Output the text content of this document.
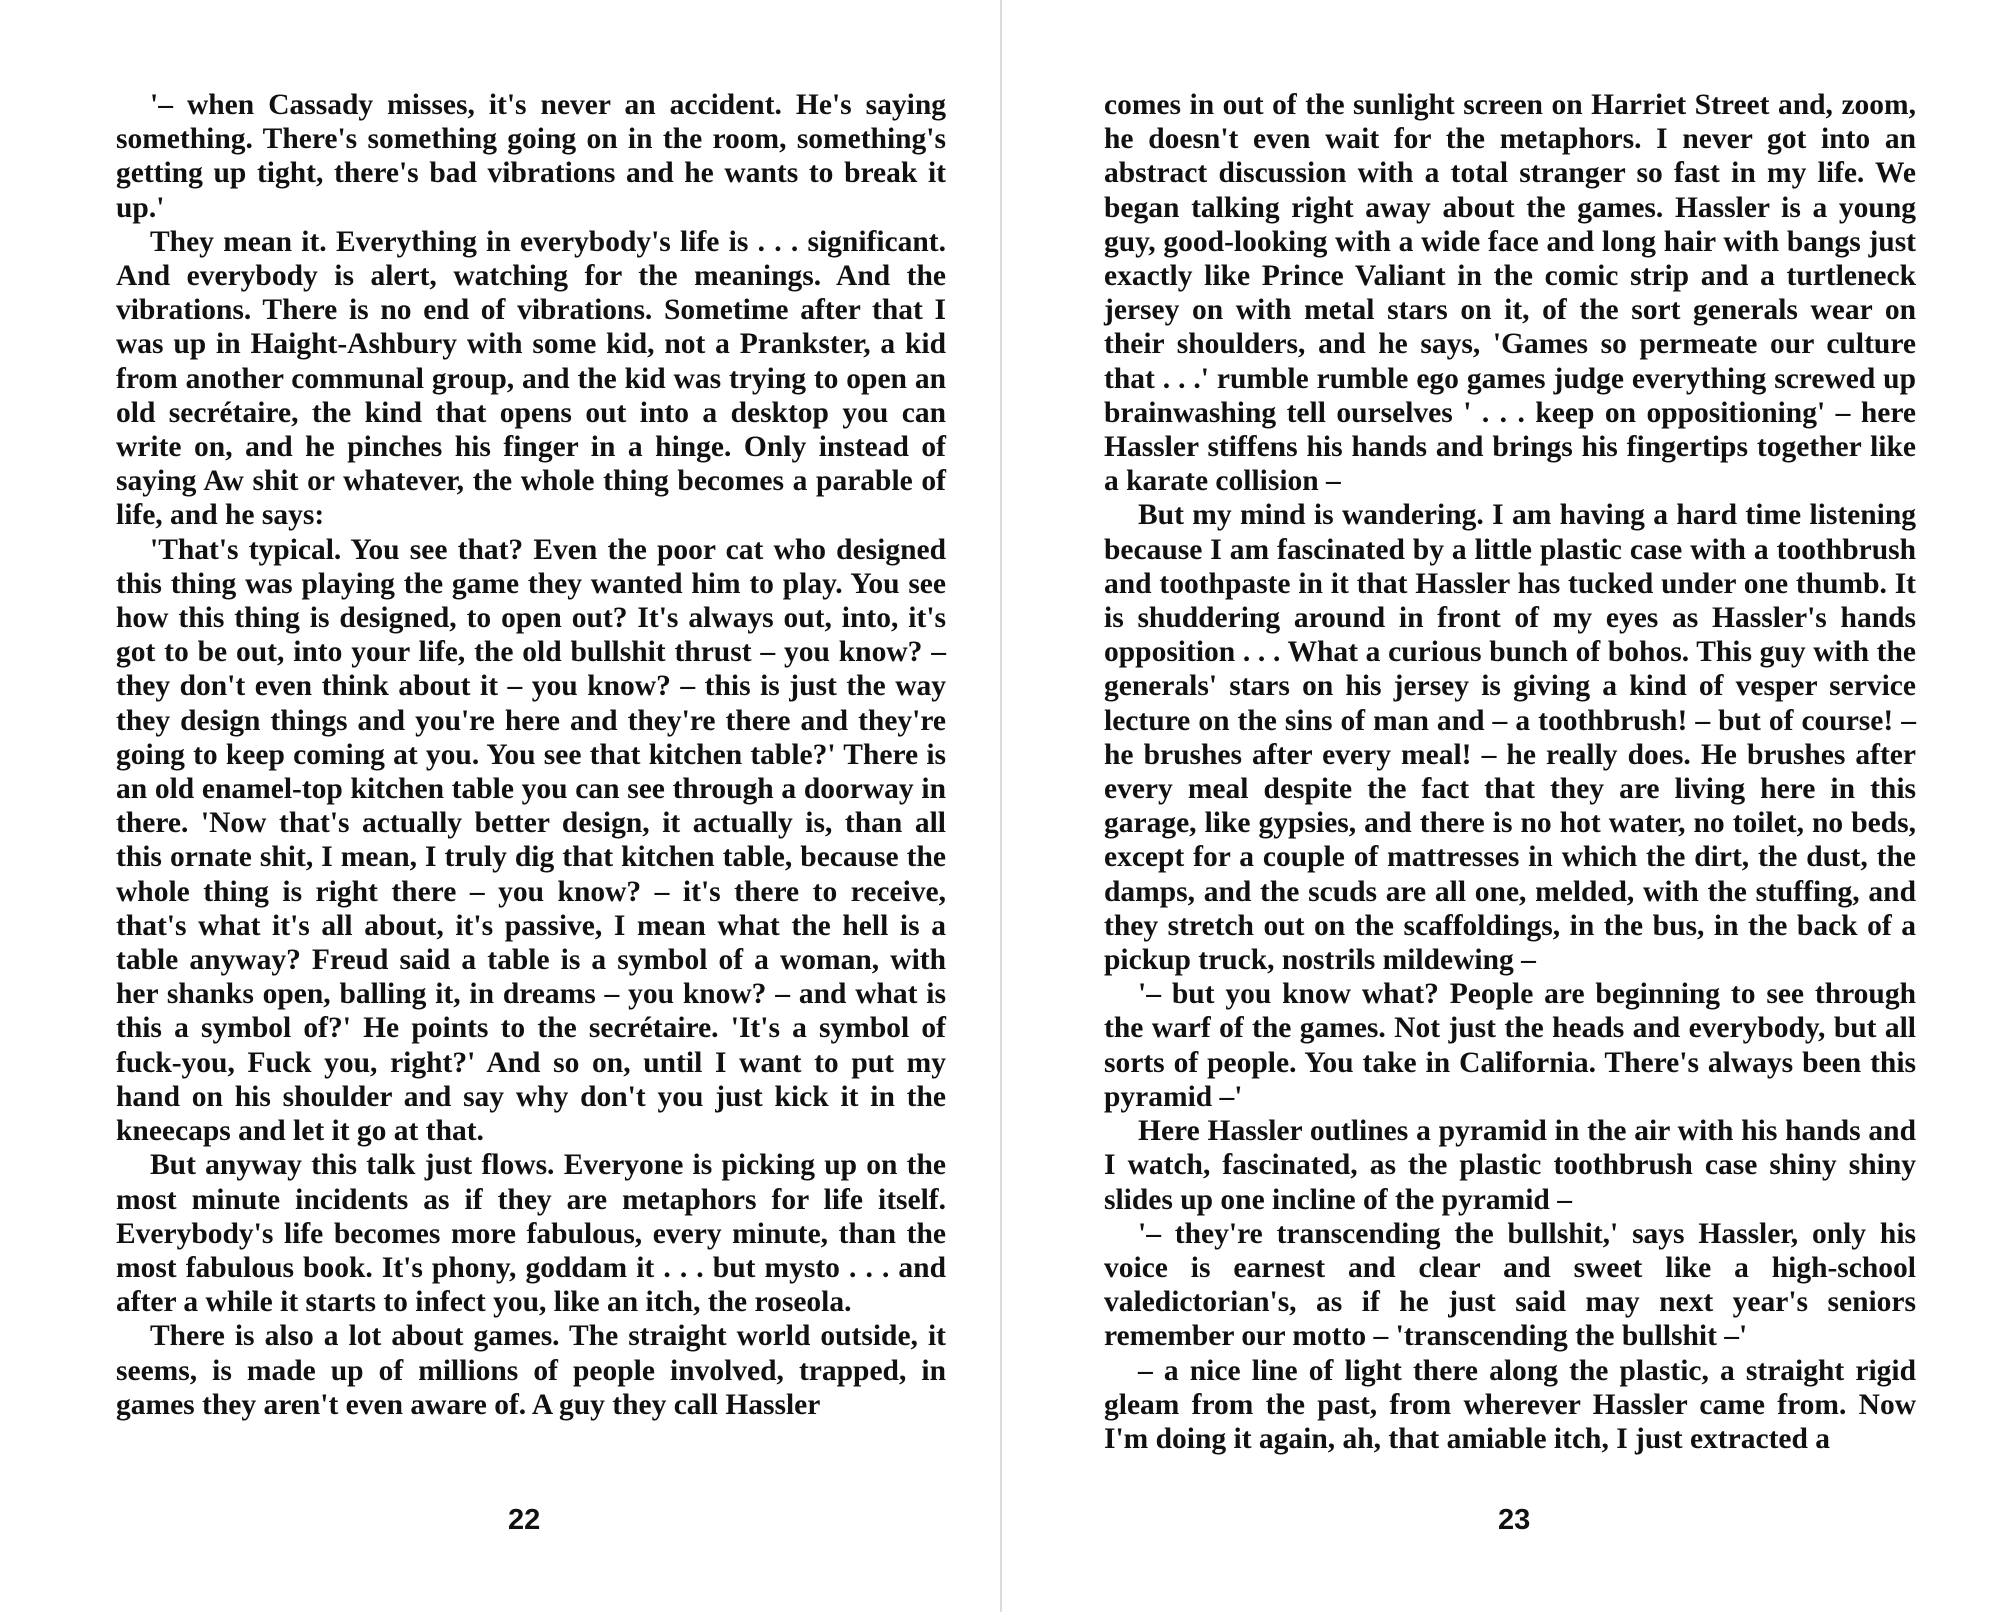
'– when Cassady misses, it's never an accident. He's saying something. There's something going on in the room, something's getting up tight, there's bad vibrations and he wants to break it up.'

They mean it. Everything in everybody's life is . . . significant. And everybody is alert, watching for the meanings. And the vibrations. There is no end of vibrations. Sometime after that I was up in Haight-Ashbury with some kid, not a Prankster, a kid from another communal group, and the kid was trying to open an old secrétaire, the kind that opens out into a desktop you can write on, and he pinches his finger in a hinge. Only instead of saying Aw shit or whatever, the whole thing becomes a parable of life, and he says:

'That's typical. You see that? Even the poor cat who designed this thing was playing the game they wanted him to play. You see how this thing is designed, to open out? It's always out, into, it's got to be out, into your life, the old bullshit thrust – you know? – they don't even think about it – you know? – this is just the way they design things and you're here and they're there and they're going to keep coming at you. You see that kitchen table?' There is an old enamel-top kitchen table you can see through a doorway in there. 'Now that's actually better design, it actually is, than all this ornate shit, I mean, I truly dig that kitchen table, because the whole thing is right there – you know? – it's there to receive, that's what it's all about, it's passive, I mean what the hell is a table anyway? Freud said a table is a symbol of a woman, with her shanks open, balling it, in dreams – you know? – and what is this a symbol of?' He points to the secrétaire. 'It's a symbol of fuck-you, Fuck you, right?' And so on, until I want to put my hand on his shoulder and say why don't you just kick it in the kneecaps and let it go at that.

But anyway this talk just flows. Everyone is picking up on the most minute incidents as if they are metaphors for life itself. Everybody's life becomes more fabulous, every minute, than the most fabulous book. It's phony, goddam it . . . but mysto . . . and after a while it starts to infect you, like an itch, the roseola.

There is also a lot about games. The straight world outside, it seems, is made up of millions of people involved, trapped, in games they aren't even aware of. A guy they call Hassler

22

comes in out of the sunlight screen on Harriet Street and, zoom, he doesn't even wait for the metaphors. I never got into an abstract discussion with a total stranger so fast in my life. We began talking right away about the games. Hassler is a young guy, good-looking with a wide face and long hair with bangs just exactly like Prince Valiant in the comic strip and a turtleneck jersey on with metal stars on it, of the sort generals wear on their shoulders, and he says, 'Games so permeate our culture that . . .' rumble rumble ego games judge everything screwed up brainwashing tell ourselves ' . . . keep on oppositioning' – here Hassler stiffens his hands and brings his fingertips together like a karate collision –

But my mind is wandering. I am having a hard time listening because I am fascinated by a little plastic case with a toothbrush and toothpaste in it that Hassler has tucked under one thumb. It is shuddering around in front of my eyes as Hassler's hands opposition . . . What a curious bunch of bohos. This guy with the generals' stars on his jersey is giving a kind of vesper service lecture on the sins of man and – a toothbrush! – but of course! – he brushes after every meal! – he really does. He brushes after every meal despite the fact that they are living here in this garage, like gypsies, and there is no hot water, no toilet, no beds, except for a couple of mattresses in which the dirt, the dust, the damps, and the scuds are all one, melded, with the stuffing, and they stretch out on the scaffoldings, in the bus, in the back of a pickup truck, nostrils mildewing –

'– but you know what? People are beginning to see through the warf of the games. Not just the heads and everybody, but all sorts of people. You take in California. There's always been this pyramid –'

Here Hassler outlines a pyramid in the air with his hands and I watch, fascinated, as the plastic toothbrush case shiny shiny slides up one incline of the pyramid –

'– they're transcending the bullshit,' says Hassler, only his voice is earnest and clear and sweet like a high-school valedictorian's, as if he just said may next year's seniors remember our motto – 'transcending the bullshit –'

– a nice line of light there along the plastic, a straight rigid gleam from the past, from wherever Hassler came from. Now I'm doing it again, ah, that amiable itch, I just extracted a

23
